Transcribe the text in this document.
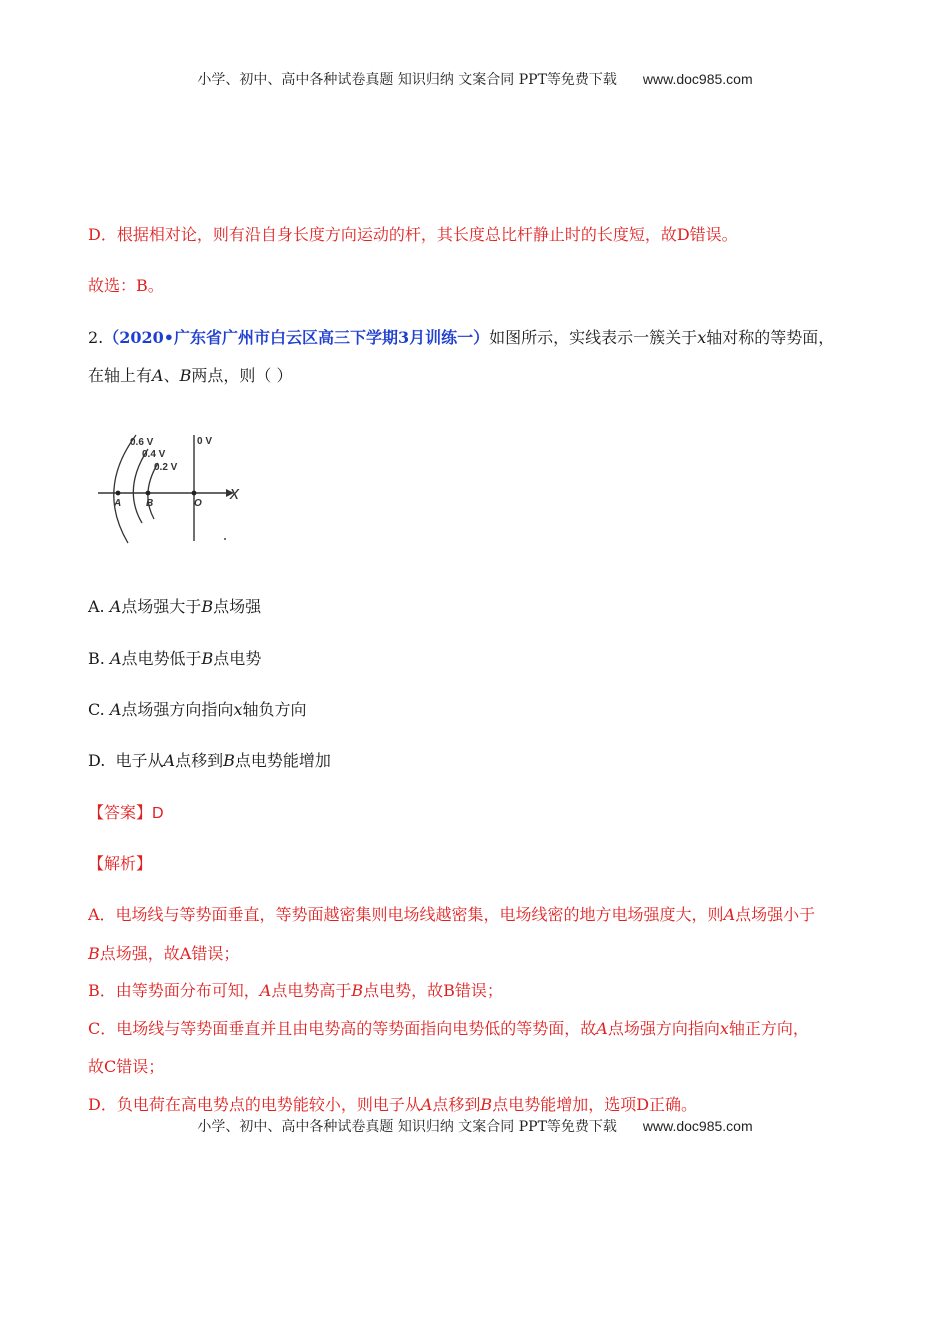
小学、初中、高中各种试卷真题 知识归纳 文案合同 PPT等免费下载 www.doc985.com
D．根据相对论，则有沿自身长度方向运动的杆，其长度总比杆静止时的长度短，故D错误。
故选：B。
2.（2020•广东省广州市白云区高三下学期3月训练一）如图所示，实线表示一簇关于x轴对称的等势面，
在轴上有A、B两点，则（ ）
0.6 V
0.4 V
0.2 V
0 V
A B	O
x
A. A点场强大于B点场强
B. A点电势低于B点电势
C. A点场强方向指向x轴负方向
D. 电子从A点移到B点电势能增加
【答案】D
【解析】
A．电场线与等势面垂直，等势面越密集则电场线越密集，电场线密的地方电场强度大，则A点场强小于
B点场强，故A错误；
B．由等势面分布可知，A点电势高于B点电势，故B错误；
C．电场线与等势面垂直并且由电势高的等势面指向电势低的等势面，故A点场强方向指向x轴正方向，
故C错误；
D．负电荷在高电势点的电势能较小，则电子从A点移到B点电势能增加，选项D正确。
小学、初中、高中各种试卷真题 知识归纳 文案合同 PPT等免费下载 www.doc985.com
